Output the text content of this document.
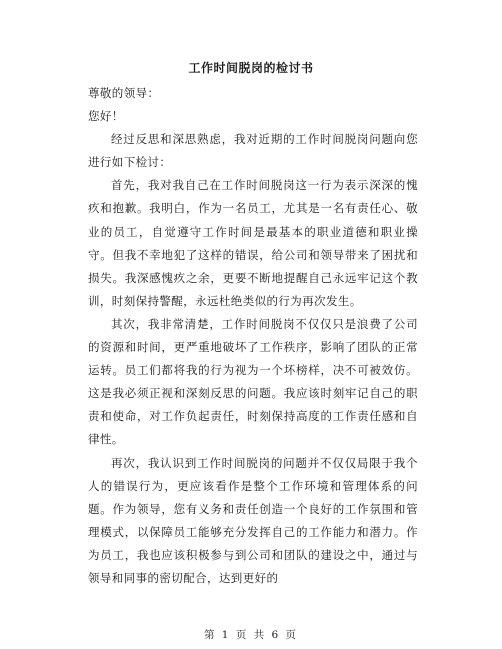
工作时间脱岗的检讨书

尊敬的领导：

您好！

经过反思和深思熟虑，我对近期的工作时间脱岗问题向您进行如下检讨：

首先，我对我自己在工作时间脱岗这一行为表示深深的愧疚和抱歉。我明白，作为一名员工，尤其是一名有责任心、敬业的员工，自觉遵守工作时间是最基本的职业道德和职业操守。但我不幸地犯了这样的错误，给公司和领导带来了困扰和损失。我深感愧疚之余，更要不断地提醒自己永远牢记这个教训，时刻保持警醒，永远杜绝类似的行为再次发生。

其次，我非常清楚，工作时间脱岗不仅仅只是浪费了公司的资源和时间，更严重地破坏了工作秩序，影响了团队的正常运转。员工们都将我的行为视为一个坏榜样，决不可被效仿。这是我必须正视和深刻反思的问题。我应该时刻牢记自己的职责和使命，对工作负起责任，时刻保持高度的工作责任感和自律性。

再次，我认识到工作时间脱岗的问题并不仅仅局限于我个人的错误行为，更应该看作是整个工作环境和管理体系的问题。作为领导，您有义务和责任创造一个良好的工作氛围和管理模式，以保障员工能够充分发挥自己的工作能力和潜力。作为员工，我也应该积极参与到公司和团队的建设之中，通过与领导和同事的密切配合，达到更好的

第 1 页 共 6 页
